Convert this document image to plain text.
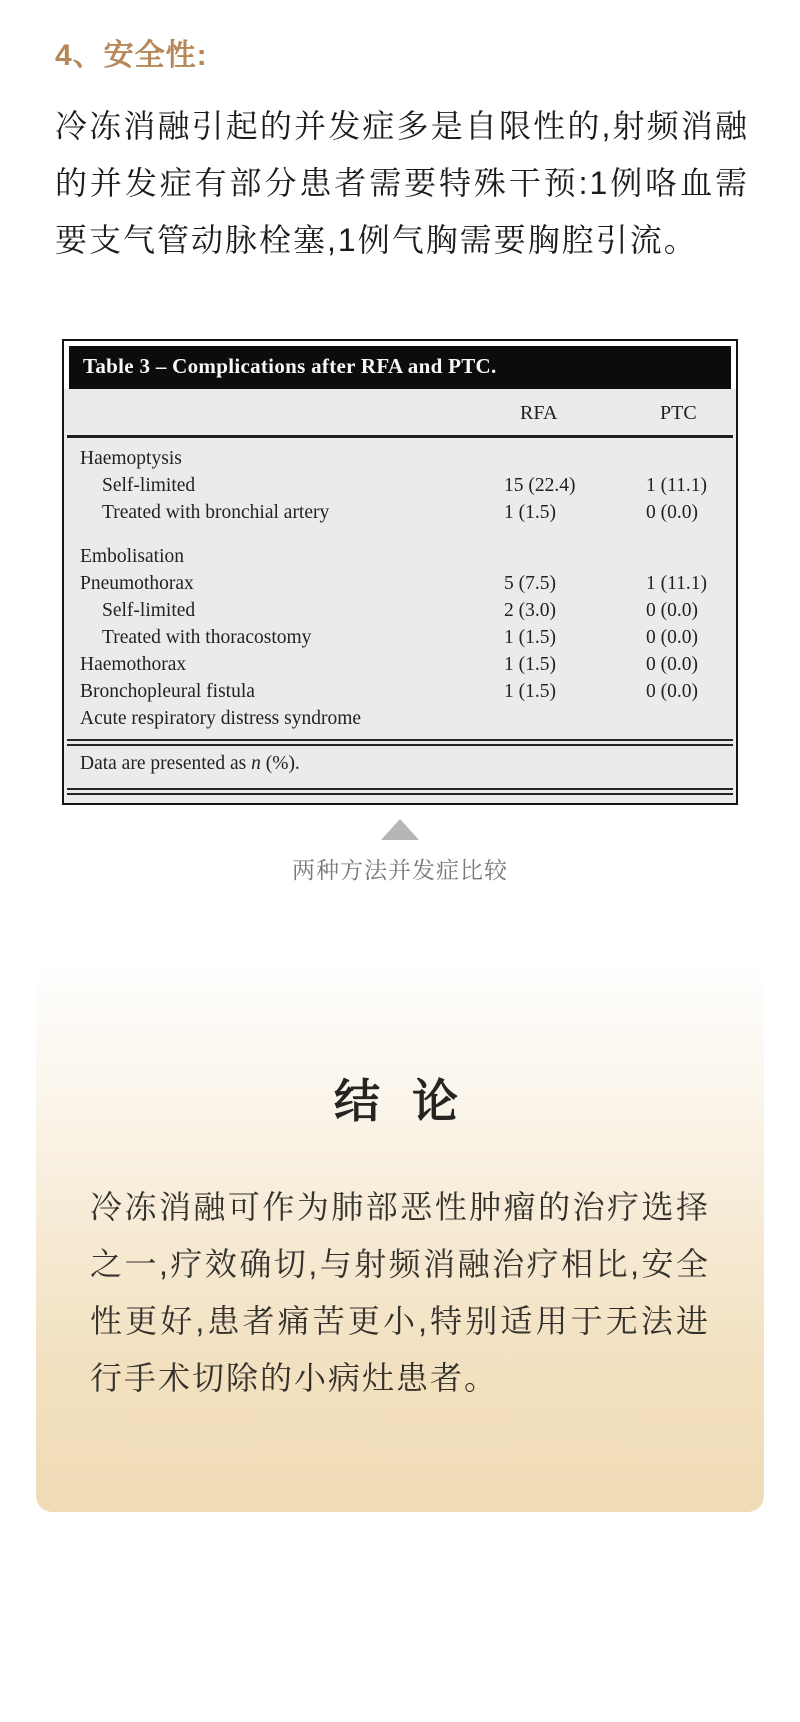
4、安全性:

冷冻消融引起的并发症多是自限性的,射频消融的并发症有部分患者需要特殊干预:1例咯血需要支气管动脉栓塞,1例气胸需要胸腔引流。

Table 3 – Complications after RFA and PTC.
RFA	PTC
Haemoptysis
Self-limited	15 (22.4)	1 (11.1)
Treated with bronchial artery	1 (1.5)	0 (0.0)
Embolisation
Pneumothorax	5 (7.5)	1 (11.1)
Self-limited	2 (3.0)	0 (0.0)
Treated with thoracostomy	1 (1.5)	0 (0.0)
Haemothorax	1 (1.5)	0 (0.0)
Bronchopleural fistula	1 (1.5)	0 (0.0)
Acute respiratory distress syndrome
Data are presented as n (%).
两种方法并发症比较
结 论

冷冻消融可作为肺部恶性肿瘤的治疗选择之一,疗效确切,与射频消融治疗相比,安全性更好,患者痛苦更小,特别适用于无法进行手术切除的小病灶患者。
